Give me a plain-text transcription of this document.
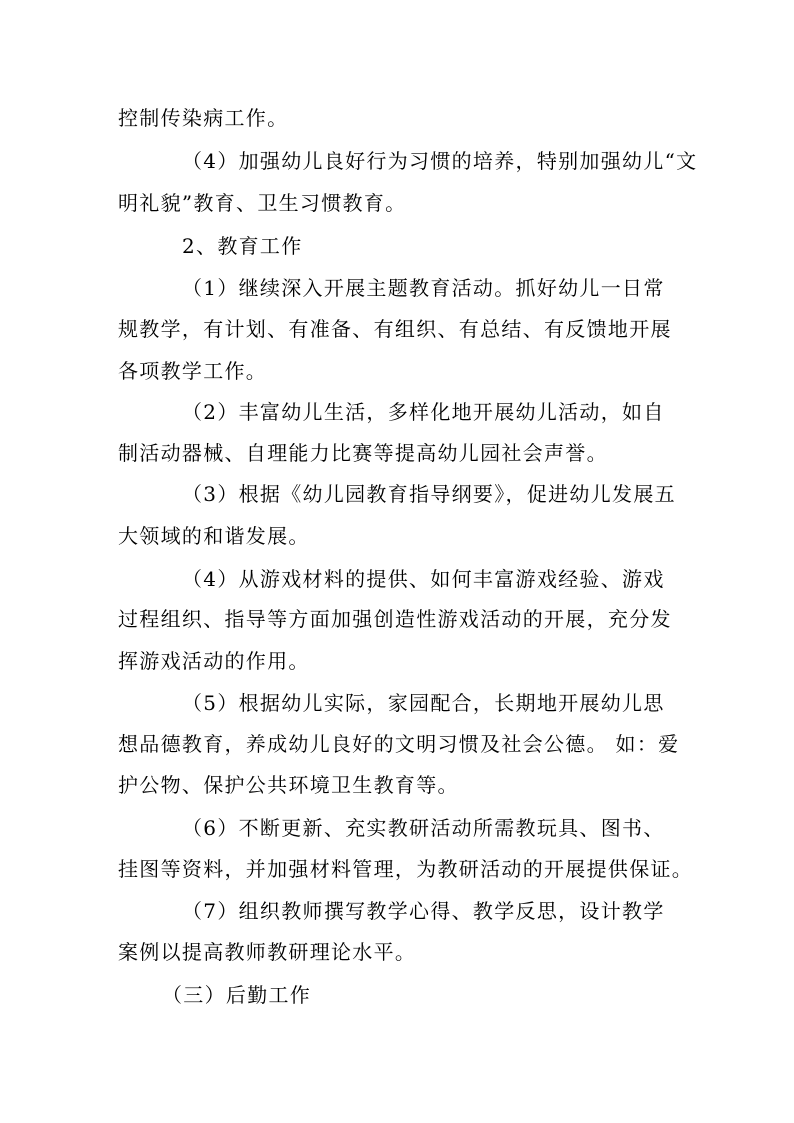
控制传染病工作。
（4）加强幼儿良好行为习惯的培养，特别加强幼儿“文
明礼貌”教育、卫生习惯教育。
2、教育工作
（1）继续深入开展主题教育活动。抓好幼儿一日常
规教学，有计划、有准备、有组织、有总结、有反馈地开展
各项教学工作。
（2）丰富幼儿生活，多样化地开展幼儿活动，如自
制活动器械、自理能力比赛等提高幼儿园社会声誉。
（3）根据《幼儿园教育指导纲要》，促进幼儿发展五
大领域的和谐发展。
（4）从游戏材料的提供、如何丰富游戏经验、游戏
过程组织、指导等方面加强创造性游戏活动的开展，充分发
挥游戏活动的作用。
（5）根据幼儿实际，家园配合，长期地开展幼儿思
想品德教育，养成幼儿良好的文明习惯及社会公德。 如：爱
护公物、保护公共环境卫生教育等。
（6）不断更新、充实教研活动所需教玩具、图书、
挂图等资料，并加强材料管理，为教研活动的开展提供保证。
（7）组织教师撰写教学心得、教学反思，设计教学
案例以提高教师教研理论水平。
（三）后勤工作
